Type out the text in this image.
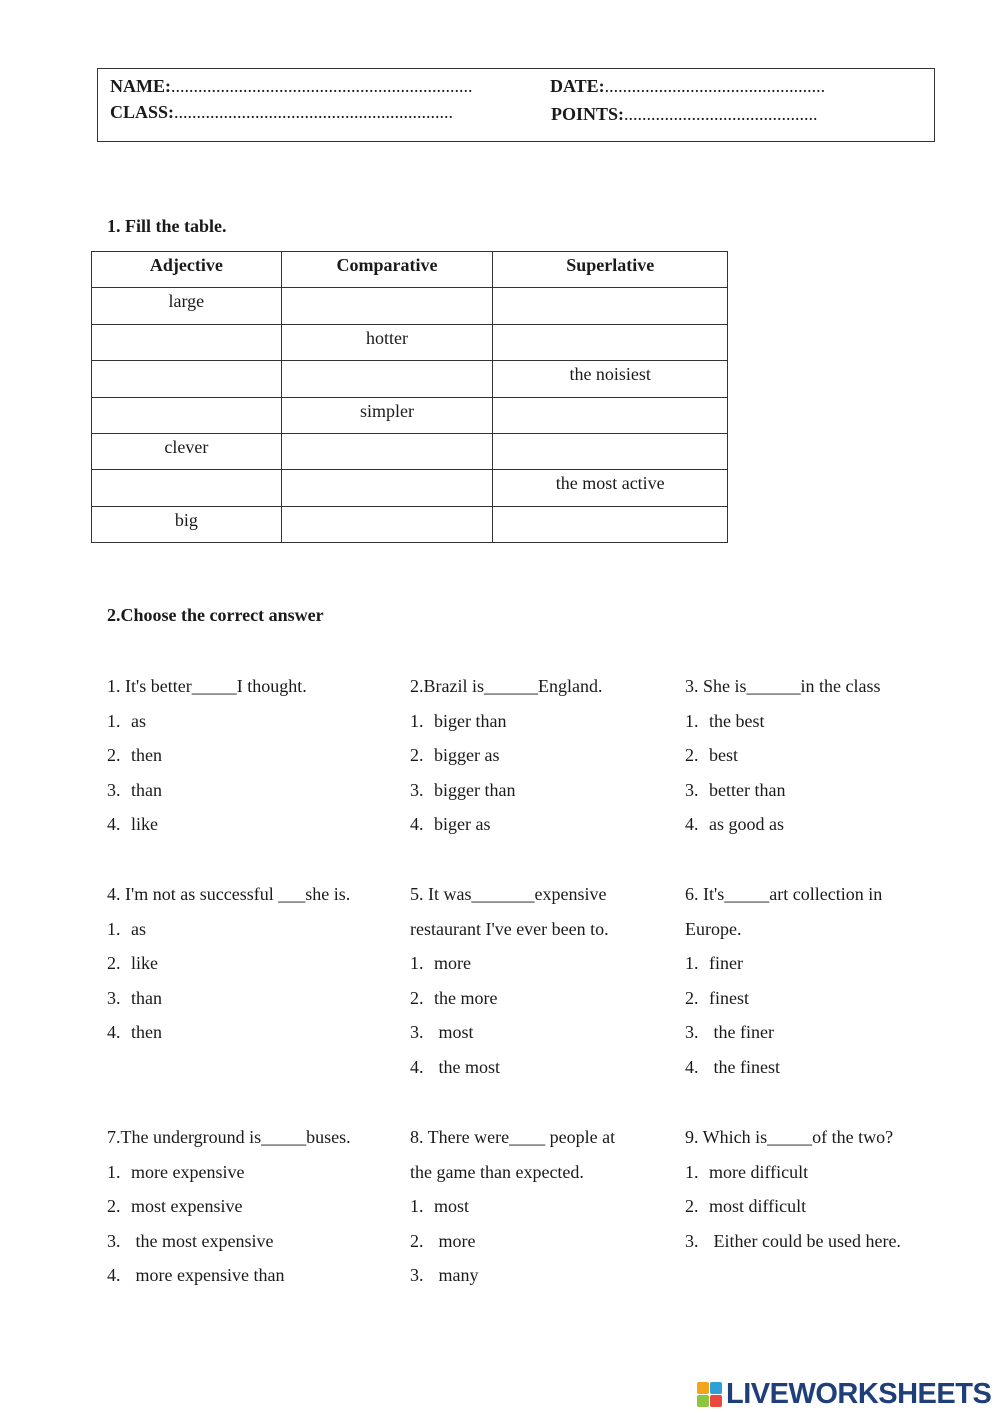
NAME:...................................................................
CLASS:..............................................................
DATE:.................................................
POINTS:...........................................
1. Fill the table.
Adjective	Comparative	Superlative
large		
	hotter	
		the noisiest
	simpler	
clever		
		the most active
big		
2.Choose the correct answer
1. It's better_____I thought.
1. as
2. then
3. than
4. like
2.Brazil is______England.
1. biger than
2. bigger as
3. bigger than
4. biger as
3. She is______in the class
1. the best
2. best
3. better than
4. as good as
4. I'm not as successful ___she is.
1. as
2. like
3. than
4. then
5. It was_______expensive
restaurant I've ever been to.
1. more
2. the more
3. most
4. the most
6. It's_____art collection in
Europe.
1. finer
2. finest
3. the finer
4. the finest
7.The underground is_____buses.
1. more expensive
2. most expensive
3. the most expensive
4. more expensive than
8. There were____ people at
the game than expected.
1. most
2. more
3. many
9. Which is_____of the two?
1. more difficult
2. most difficult
3. Either could be used here.
LIVEWORKSHEETS
